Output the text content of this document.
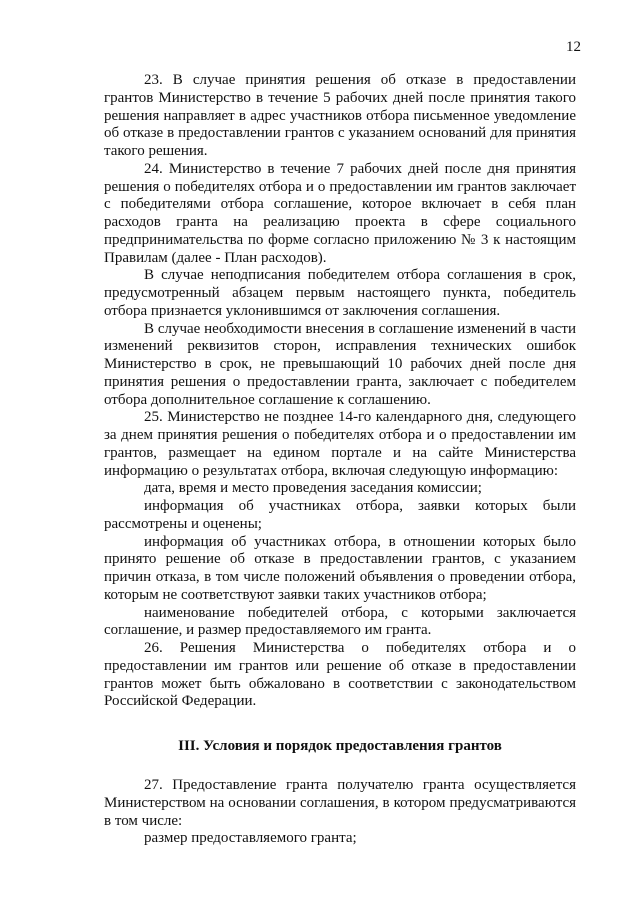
12

23. В случае принятия решения об отказе в предоставлении грантов Министерство в течение 5 рабочих дней после принятия такого решения направляет в адрес участников отбора письменное уведомление об отказе в предоставлении грантов с указанием оснований для принятия такого решения.

24. Министерство в течение 7 рабочих дней после дня принятия решения о победителях отбора и о предоставлении им грантов заключает с победителями отбора соглашение, которое включает в себя план расходов гранта на реализацию проекта в сфере социального предпринимательства по форме согласно приложению № 3 к настоящим Правилам (далее - План расходов).

В случае неподписания победителем отбора соглашения в срок, предусмотренный абзацем первым настоящего пункта, победитель отбора признается уклонившимся от заключения соглашения.

В случае необходимости внесения в соглашение изменений в части изменений реквизитов сторон, исправления технических ошибок Министерство в срок, не превышающий 10 рабочих дней после дня принятия решения о предоставлении гранта, заключает с победителем отбора дополнительное соглашение к соглашению.

25. Министерство не позднее 14-го календарного дня, следующего за днем принятия решения о победителях отбора и о предоставлении им грантов, размещает на едином портале и на сайте Министерства информацию о результатах отбора, включая следующую информацию:

дата, время и место проведения заседания комиссии;

информация об участниках отбора, заявки которых были рассмотрены и оценены;

информация об участниках отбора, в отношении которых было принято решение об отказе в предоставлении грантов, с указанием причин отказа, в том числе положений объявления о проведении отбора, которым не соответствуют заявки таких участников отбора;

наименование победителей отбора, с которыми заключается соглашение, и размер предоставляемого им гранта.

26. Решения Министерства о победителях отбора и о предоставлении им грантов или решение об отказе в предоставлении грантов может быть обжаловано в соответствии с законодательством Российской Федерации.

III. Условия и порядок предоставления грантов

27. Предоставление гранта получателю гранта осуществляется Министерством на основании соглашения, в котором предусматриваются в том числе:

размер предоставляемого гранта;
